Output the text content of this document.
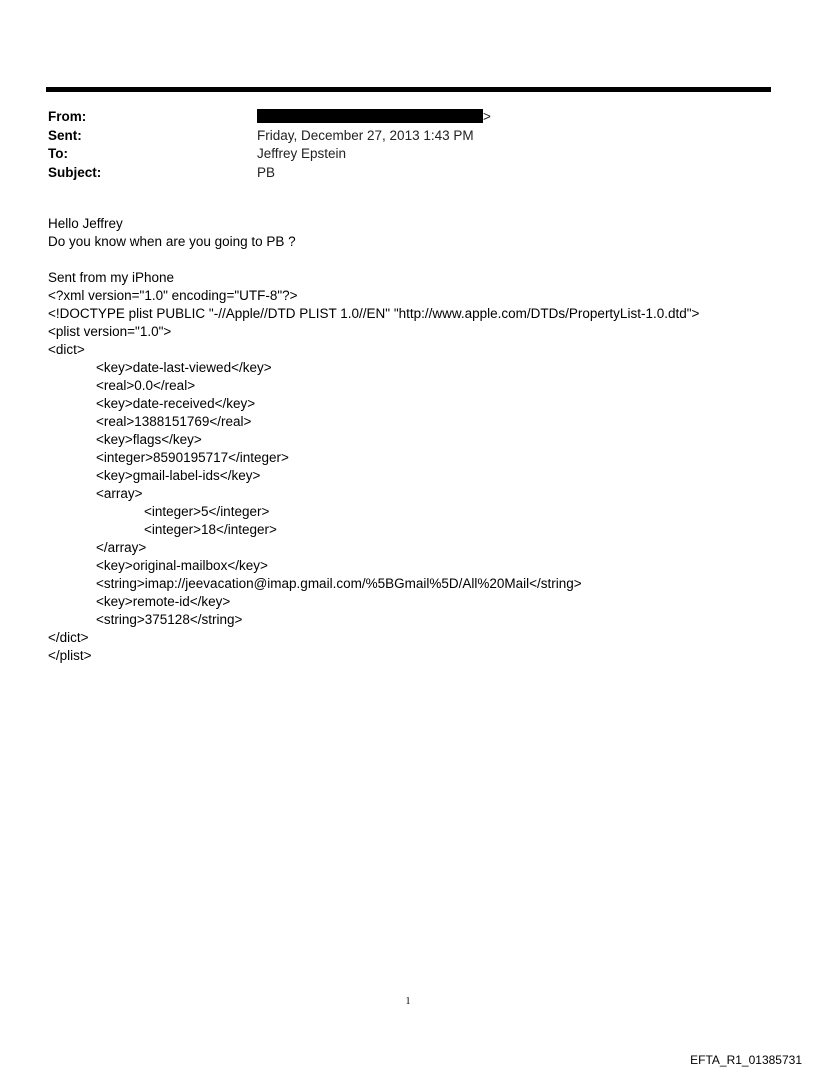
From:	>
Sent:	Friday, December 27, 2013 1:43 PM
To:	Jeffrey Epstein
Subject:	PB
Hello Jeffrey
Do you know when are you going to PB ?
Sent from my iPhone
<?xml version="1.0" encoding="UTF-8"?>
<!DOCTYPE plist PUBLIC "-//Apple//DTD PLIST 1.0//EN" "http://www.apple.com/DTDs/PropertyList-1.0.dtd">
<plist version="1.0">
<dict>
<key>date-last-viewed</key>
<real>0.0</real>
<key>date-received</key>
<real>1388151769</real>
<key>flags</key>
<integer>8590195717</integer>
<key>gmail-label-ids</key>
<array>
<integer>5</integer>
<integer>18</integer>
</array>
<key>original-mailbox</key>
<string>imap://jeevacation@imap.gmail.com/%5BGmail%5D/All%20Mail</string>
<key>remote-id</key>
<string>375128</string>
</dict>
</plist>
1
EFTA_R1_01385731
